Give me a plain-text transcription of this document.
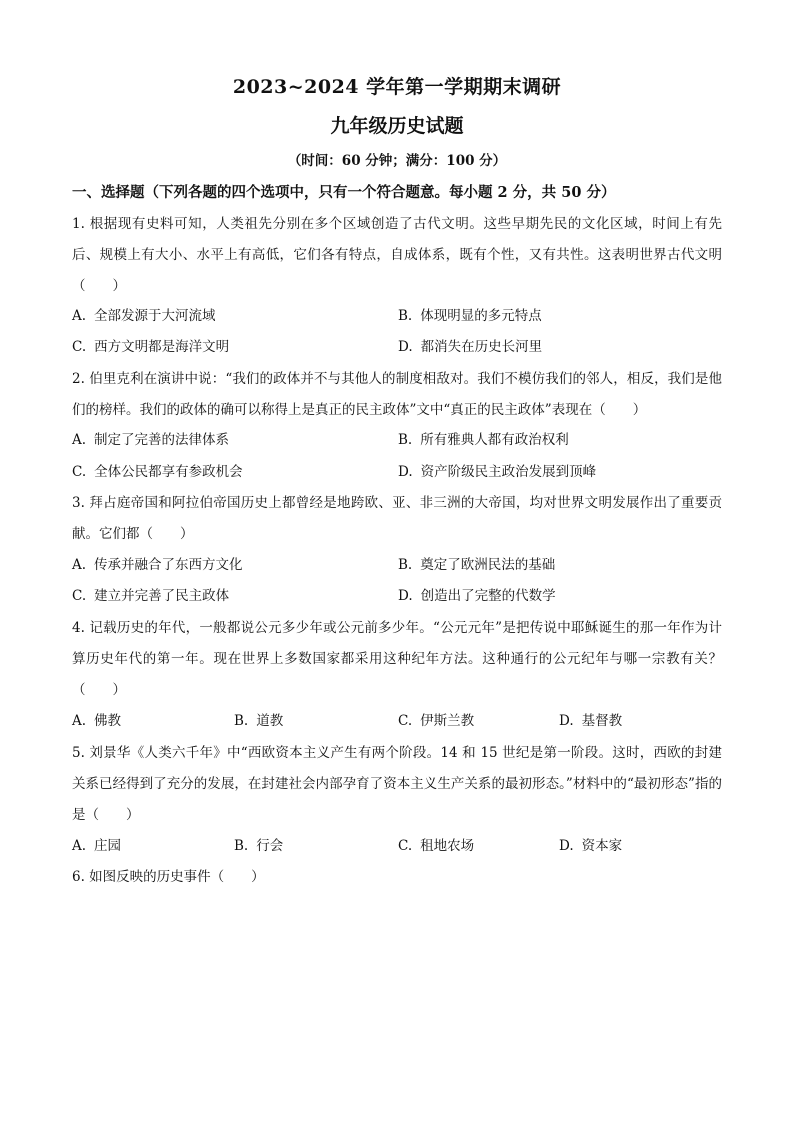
2023~2024 学年第一学期期末调研
九年级历史试题
（时间：60 分钟；满分：100 分）
一、选择题（下列各题的四个选项中，只有一个符合题意。每小题 2 分，共 50 分）
1. 根据现有史料可知，人类祖先分别在多个区域创造了古代文明。这些早期先民的文化区域，时间上有先后、规模上有大小、水平上有高低，它们各有特点，自成体系，既有个性，又有共性。这表明世界古代文明（　　）
A. 全部发源于大河流域	B. 体现明显的多元特点
C. 西方文明都是海洋文明	D. 都消失在历史长河里
2. 伯里克利在演讲中说：“我们的政体并不与其他人的制度相敌对。我们不模仿我们的邻人，相反，我们是他们的榜样。我们的政体的确可以称得上是真正的民主政体”文中“真正的民主政体”表现在（　　）
A. 制定了完善的法律体系	B. 所有雅典人都有政治权利
C. 全体公民都享有参政机会	D. 资产阶级民主政治发展到顶峰
3. 拜占庭帝国和阿拉伯帝国历史上都曾经是地跨欧、亚、非三洲的大帝国，均对世界文明发展作出了重要贡献。它们都（　　）
A. 传承并融合了东西方文化	B. 奠定了欧洲民法的基础
C. 建立并完善了民主政体	D. 创造出了完整的代数学
4. 记载历史的年代，一般都说公元多少年或公元前多少年。“公元元年”是把传说中耶稣诞生的那一年作为计算历史年代的第一年。现在世界上多数国家都采用这种纪年方法。这种通行的公元纪年与哪一宗教有关？（　　）
A. 佛教	B. 道教	C. 伊斯兰教	D. 基督教
5. 刘景华《人类六千年》中“西欧资本主义产生有两个阶段。14 和 15 世纪是第一阶段。这时，西欧的封建关系已经得到了充分的发展，在封建社会内部孕育了资本主义生产关系的最初形态。”材料中的“最初形态”指的是（　　）
A. 庄园	B. 行会	C. 租地农场	D. 资本家
6. 如图反映的历史事件（　　）
